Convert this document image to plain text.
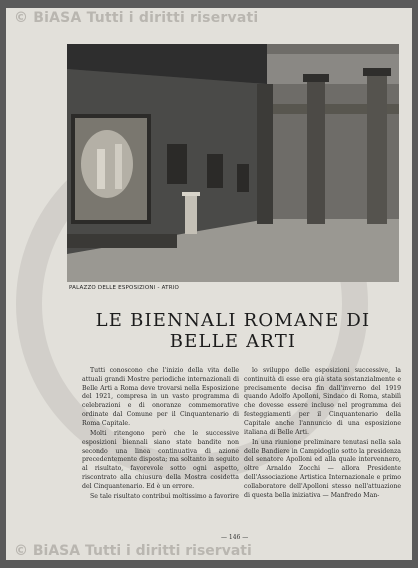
© BiASA Tutti i diritti riservati
PALAZZO DELLE ESPOSIZIONI - ATRIO
LE BIENNALI ROMANE DI
BELLE ARTI

Tutti conoscono che l'inizio della vita delle attuali grandi Mostre periodiche internazionali di Belle Arti a Roma deve trovarsi nella Esposizione del 1921, compresa in un vasto programma di celebrazioni e di onoranze commemorative ordinate dal Comune per il Cinquantenario di Roma Capitale.

Molti ritengono però che le successive esposizioni biennali siano state bandite non secondo una linea continuativa di azione precedentemente disposta; ma soltanto in seguito al risultato, favorevole sotto ogni aspetto, riscontrato alla chiusura della Mostra cosidetta del Cinquantenario. Ed è un errore.

Se tale risultato contribuì moltissimo a favorire

lo sviluppo delle esposizioni successive, la continuità di esse era già stata sostanzialmente e precisamente decisa fin dall'inverno del 1919 quando Adolfo Apolloni, Sindaco di Roma, stabilì che dovesse essere incluso nel programma dei festeggiamenti per il Cinquantenario della Capitale anche l'annuncio di una esposizione italiana di Belle Arti.

In una riunione preliminare tenutasi nella sala delle Bandiere in Campidoglio sotto la presidenza del senatore Apolloni ed alla quale intervennero, oltre Arnaldo Zocchi — allora Presidente dell'Associazione Artistica Internazionale e primo collaboratore dell'Apolloni stesso nell'attuazione di questa bella iniziativa — Manfredo Man-

— 146 —
© BiASA Tutti i diritti riservati
